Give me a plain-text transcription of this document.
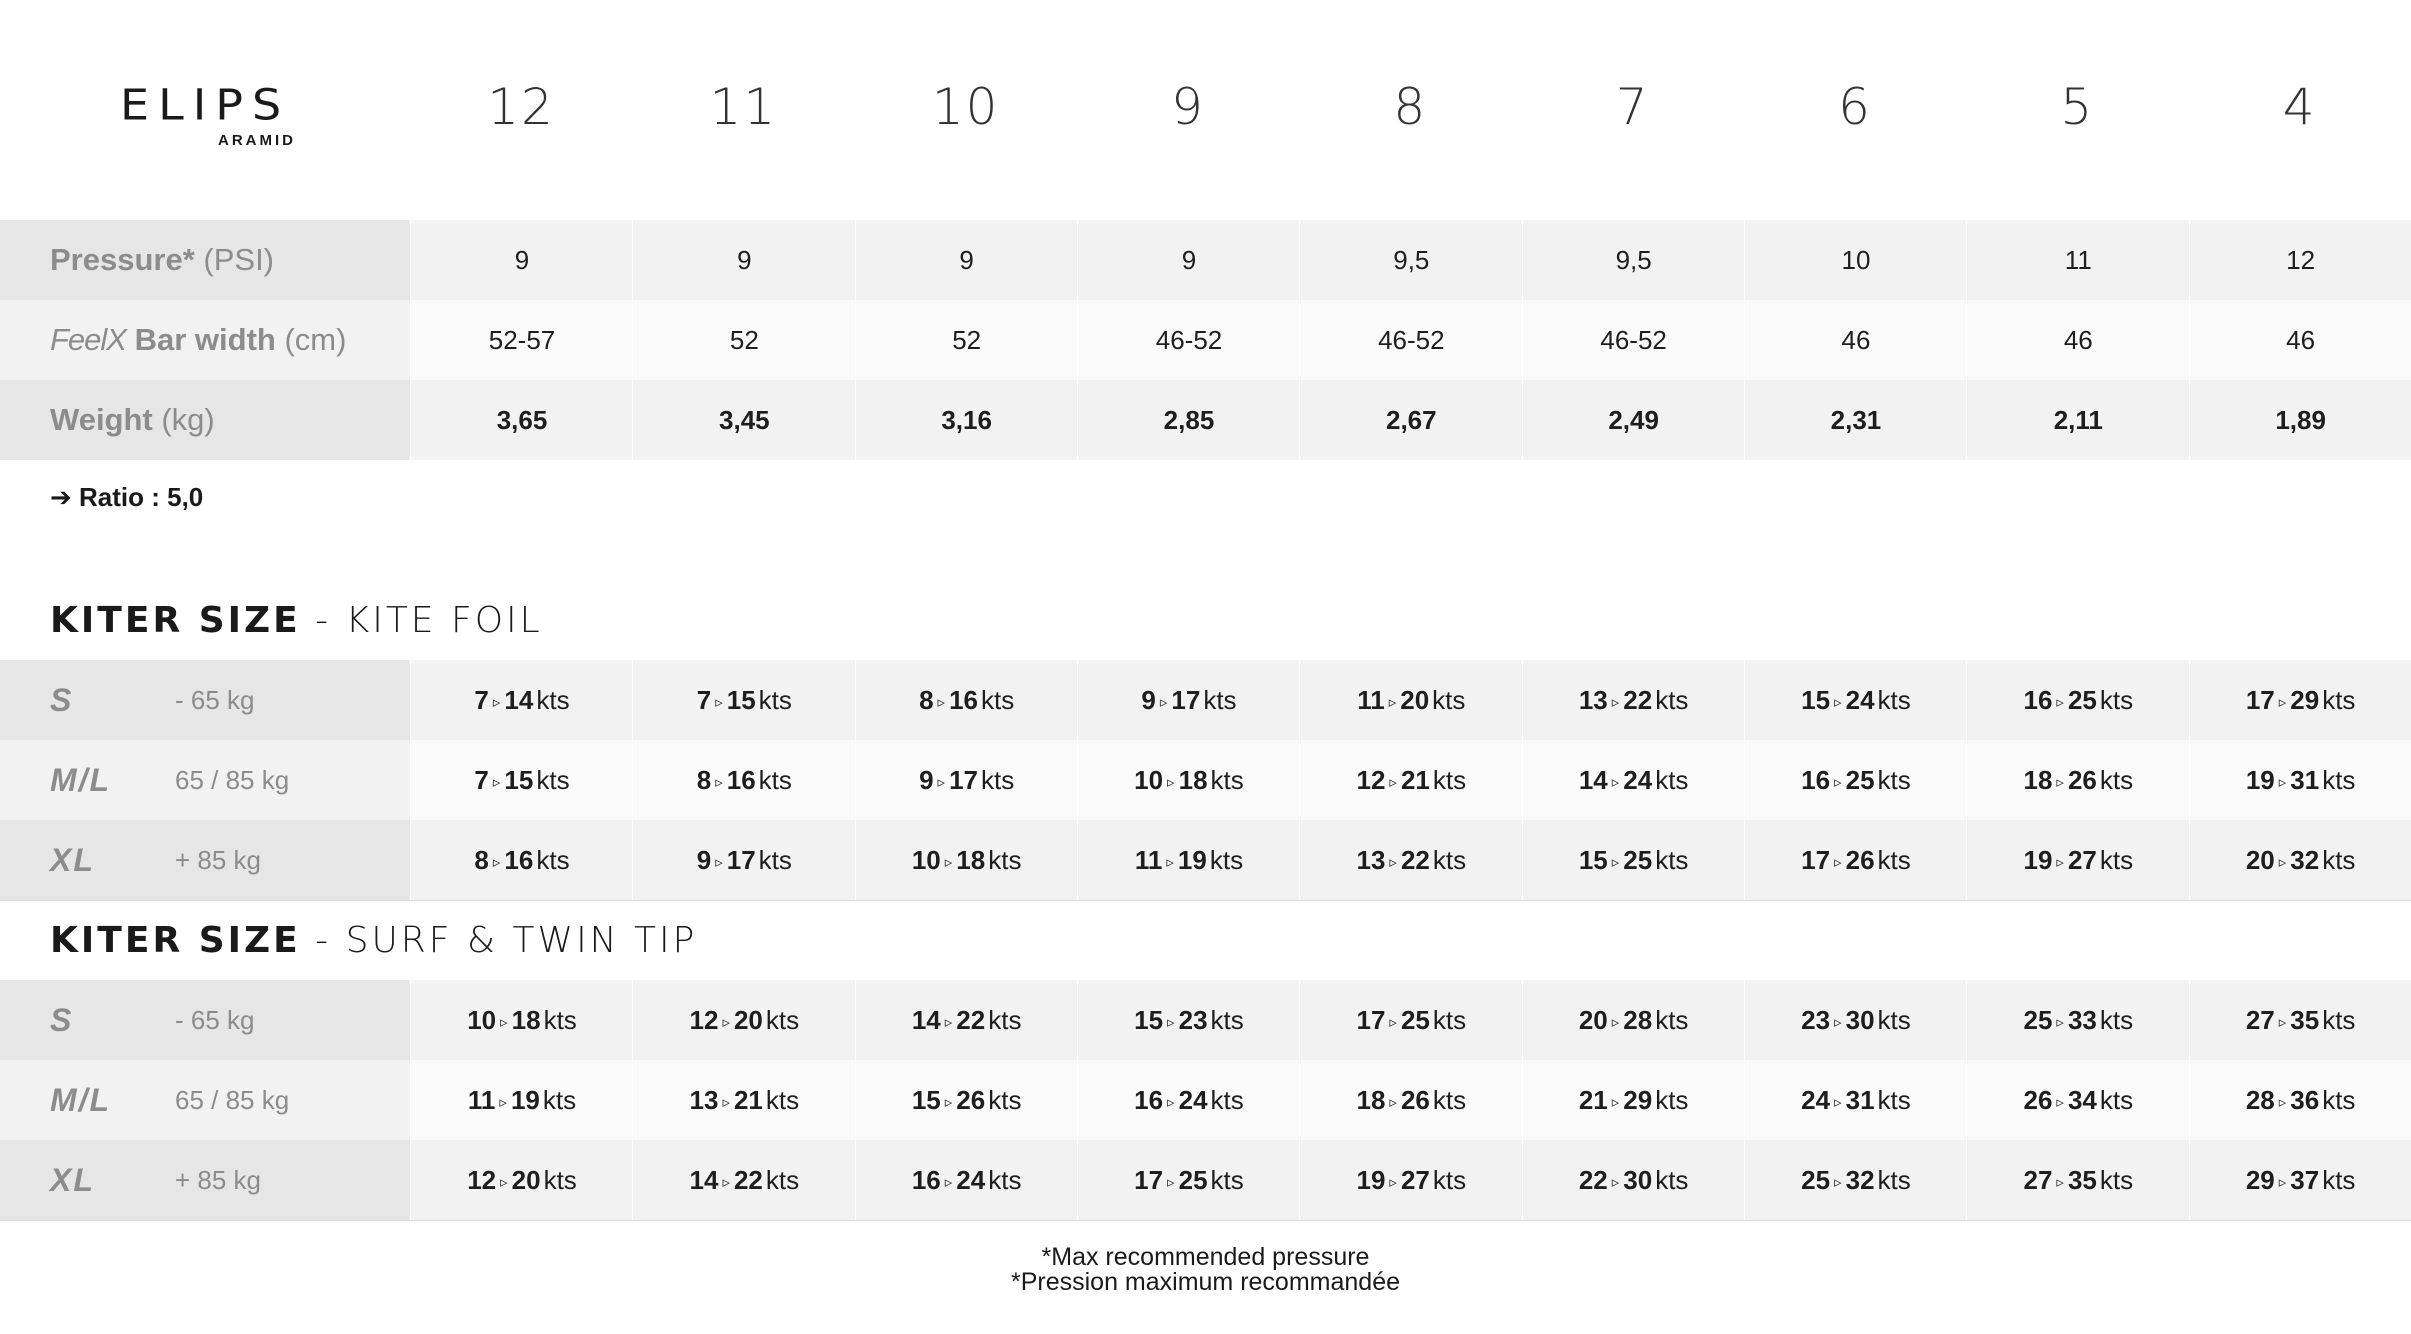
ELIPS
ARAMID
12	11	10	9	8	7	6	5	4
Pressure* (PSI)	9	9	9	9	9,5	9,5	10	11	12
FeelX Bar width (cm)	52-57	52	52	46-52	46-52	46-52	46	46	46
Weight (kg)	3,65	3,45	3,16	2,85	2,67	2,49	2,31	2,11	1,89
➔ Ratio : 5,0
KITER SIZE - KITE FOIL
S	- 65 kg	7 ▹ 14 kts	7 ▹ 15 kts	8 ▹ 16 kts	9 ▹ 17 kts	11 ▹ 20 kts	13 ▹ 22 kts	15 ▹ 24 kts	16 ▹ 25 kts	17 ▹ 29 kts
M/L 65 / 85 kg	7 ▹ 15 kts	8 ▹ 16 kts	9 ▹ 17 kts	10 ▹ 18 kts	12 ▹ 21 kts	14 ▹ 24 kts	16 ▹ 25 kts	18 ▹ 26 kts	19 ▹ 31 kts
XL	+ 85 kg	8 ▹ 16 kts	9 ▹ 17 kts	10 ▹ 18 kts	11 ▹ 19 kts	13 ▹ 22 kts	15 ▹ 25 kts	17 ▹ 26 kts	19 ▹ 27 kts	20 ▹ 32 kts
KITER SIZE - SURF & TWIN TIP
S	- 65 kg	10 ▹ 18 kts	12 ▹ 20 kts	14 ▹ 22 kts	15 ▹ 23 kts	17 ▹ 25 kts	20 ▹ 28 kts	23 ▹ 30 kts	25 ▹ 33 kts	27 ▹ 35 kts
M/L 65 / 85 kg	11 ▹ 19 kts	13 ▹ 21 kts	15 ▹ 26 kts	16 ▹ 24 kts	18 ▹ 26 kts	21 ▹ 29 kts	24 ▹ 31 kts	26 ▹ 34 kts	28 ▹ 36 kts
XL	+ 85 kg	12 ▹ 20 kts	14 ▹ 22 kts	16 ▹ 24 kts	17 ▹ 25 kts	19 ▹ 27 kts	22 ▹ 30 kts	25 ▹ 32 kts	27 ▹ 35 kts	29 ▹ 37 kts
*Max recommended pressure
*Pression maximum recommandée
